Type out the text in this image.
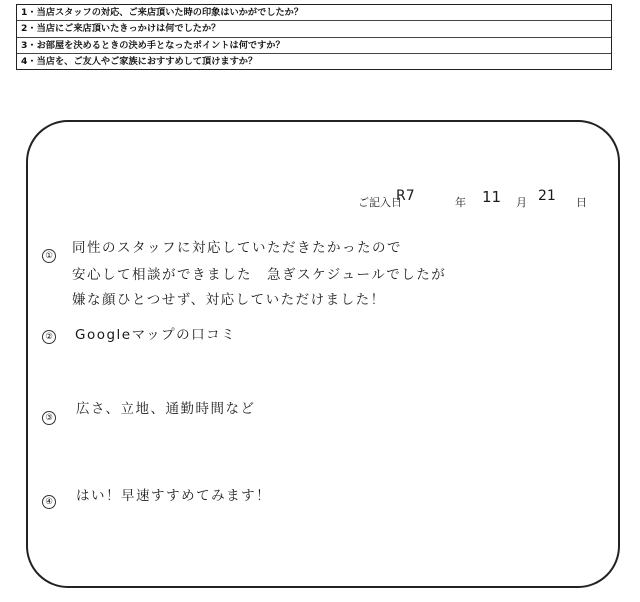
1・当店スタッフの対応、ご来店頂いた時の印象はいかがでしたか？
2・当店にご来店頂いたきっかけは何でしたか？
3・お部屋を決めるときの決め手となったポイントは何ですか？
4・当店を、ご友人やご家族におすすめして頂けますか？
ご記入日
R7	年 11 月 21 日
① 同性のスタッフに対応していただきたかったので
安心して相談ができました　急ぎスケジュールでしたが
嫌な顔ひとつせず、対応していただけました！
② Googleマップの口コミ
③
広さ、立地、通勤時間など
④ はい！早速すすめてみます！
